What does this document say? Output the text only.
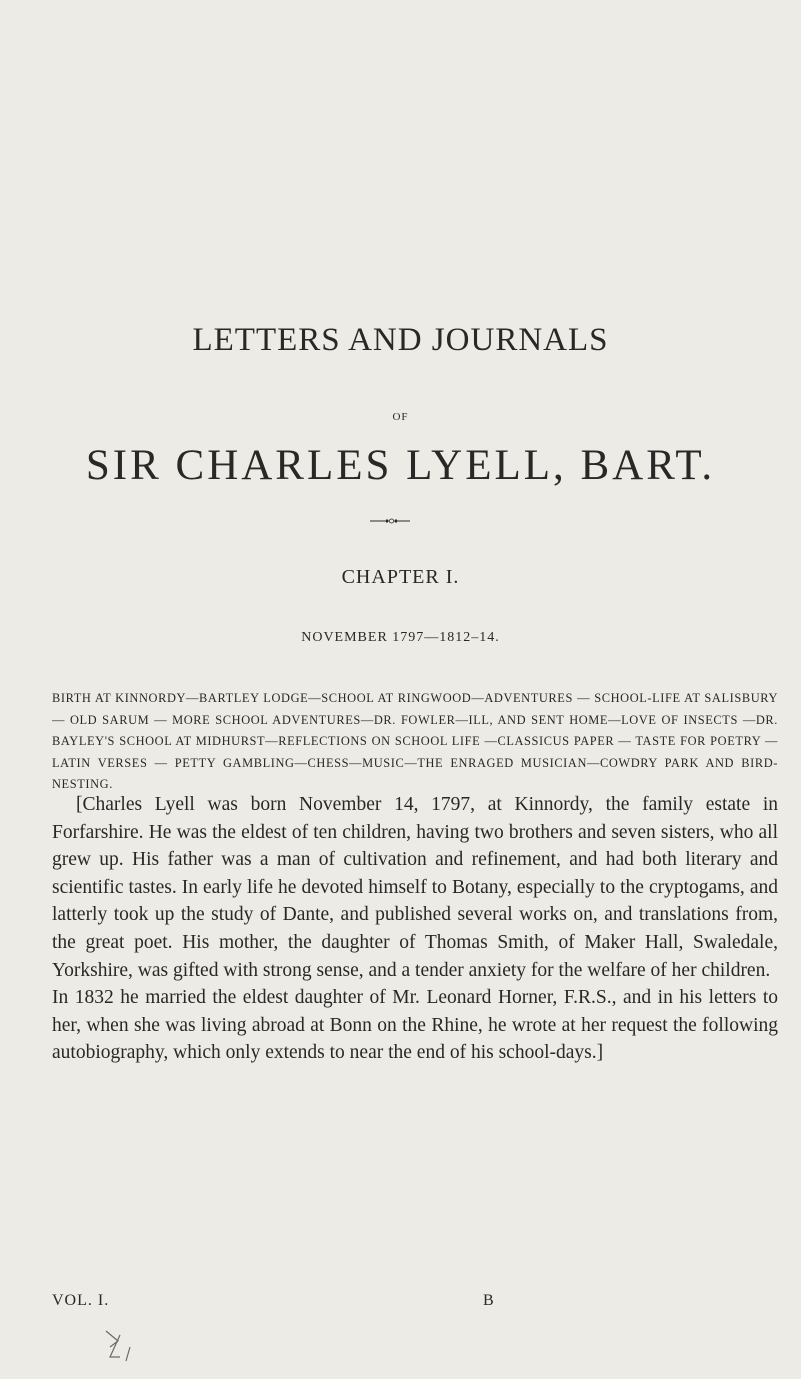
LETTERS AND JOURNALS
OF
SIR CHARLES LYELL, BART.
CHAPTER I.
NOVEMBER 1797—1812–14.
BIRTH AT KINNORDY—BARTLEY LODGE—SCHOOL AT RINGWOOD—ADVENTURES — SCHOOL-LIFE AT SALISBURY — OLD SARUM — MORE SCHOOL ADVENTURES—DR. FOWLER—ILL, AND SENT HOME—LOVE OF INSECTS —DR. BAYLEY'S SCHOOL AT MIDHURST—REFLECTIONS ON SCHOOL LIFE —CLASSICUS PAPER — TASTE FOR POETRY — LATIN VERSES — PETTY GAMBLING—CHESS—MUSIC—THE ENRAGED MUSICIAN—COWDRY PARK AND BIRD-NESTING.

[Charles Lyell was born November 14, 1797, at Kinnordy, the family estate in Forfarshire. He was the eldest of ten children, having two brothers and seven sisters, who all grew up. His father was a man of cultivation and refinement, and had both literary and scientific tastes. In early life he devoted himself to Botany, especially to the cryptogams, and latterly took up the study of Dante, and published several works on, and translations from, the great poet. His mother, the daughter of Thomas Smith, of Maker Hall, Swaledale, Yorkshire, was gifted with strong sense, and a tender anxiety for the welfare of her children.

In 1832 he married the eldest daughter of Mr. Leonard Horner, F.R.S., and in his letters to her, when she was living abroad at Bonn on the Rhine, he wrote at her request the following autobiography, which only extends to near the end of his school-days.]

VOL. I.	B
